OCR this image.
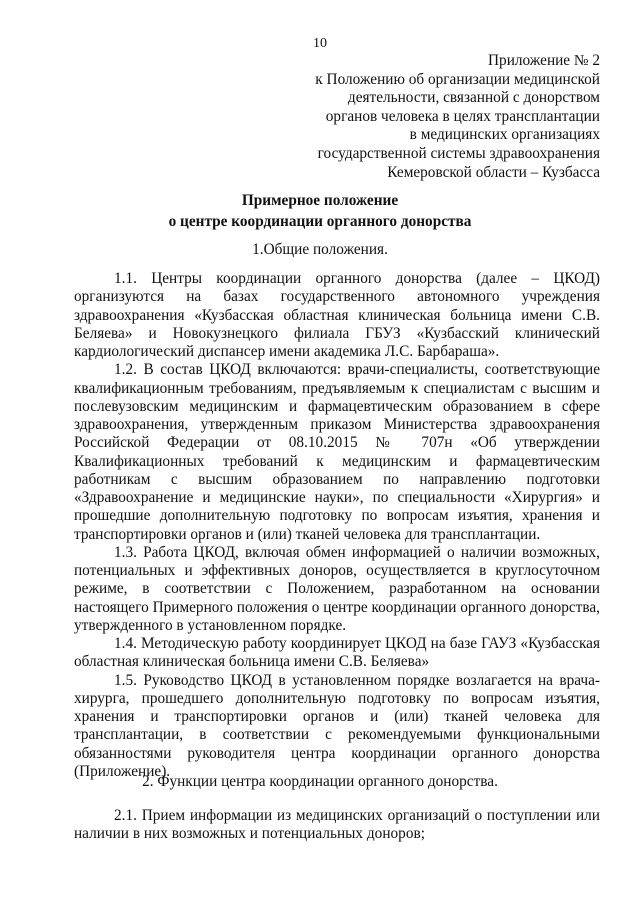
10
Приложение № 2
к Положению об организации медицинской
деятельности, связанной с донорством
органов человека в целях трансплантации
в медицинских организациях
государственной системы здравоохранения
Кемеровской области – Кузбасса
Примерное положение
о центре координации органного донорства
1.Общие положения.

1.1. Центры координации органного донорства (далее – ЦКОД) организуются на базах государственного автономного учреждения здравоохранения «Кузбасская областная клиническая больница имени С.В. Беляева» и Новокузнецкого филиала ГБУЗ «Кузбасский клинический кардиологический диспансер имени академика Л.С. Барбараша».

1.2. В состав ЦКОД включаются: врачи-специалисты, соответствующие квалификационным требованиям, предъявляемым к специалистам с высшим и послевузовским медицинским и фармацевтическим образованием в сфере здравоохранения, утвержденным приказом Министерства здравоохранения Российской Федерации от 08.10.2015 № 707н «Об утверждении Квалификационных требований к медицинским и фармацевтическим работникам с высшим образованием по направлению подготовки «Здравоохранение и медицинские науки», по специальности «Хирургия» и прошедшие дополнительную подготовку по вопросам изъятия, хранения и транспортировки органов и (или) тканей человека для трансплантации.

1.3. Работа ЦКОД, включая обмен информацией о наличии возможных, потенциальных и эффективных доноров, осуществляется в круглосуточном режиме, в соответствии с Положением, разработанном на основании настоящего Примерного положения о центре координации органного донорства, утвержденного в установленном порядке.

1.4. Методическую работу координирует ЦКОД на базе ГАУЗ «Кузбасская областная клиническая больница имени С.В. Беляева»

1.5. Руководство ЦКОД в установленном порядке возлагается на врача-хирурга, прошедшего дополнительную подготовку по вопросам изъятия, хранения и транспортировки органов и (или) тканей человека для трансплантации, в соответствии с рекомендуемыми функциональными обязанностями руководителя центра координации органного донорства (Приложение).

2. Функции центра координации органного донорства.

2.1. Прием информации из медицинских организаций о поступлении или наличии в них возможных и потенциальных доноров;
